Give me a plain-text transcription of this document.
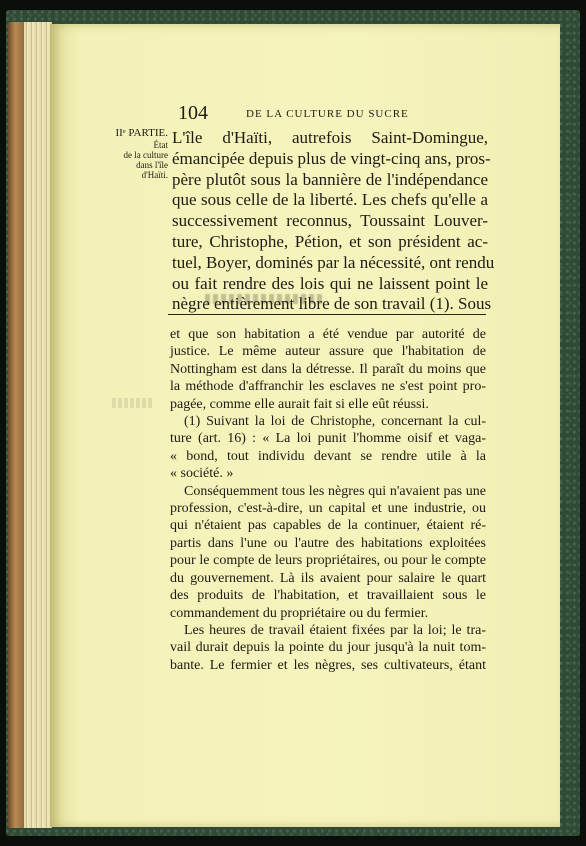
104	DE LA CULTURE DU SUCRE
IIᵉ PARTIE.
État
de la culture
dans l'île
d'Haïti.
L'île d'Haïti, autrefois Saint-Domingue,
émancipée depuis plus de vingt-cinq ans, pros-
père plutôt sous la bannière de l'indépendance
que sous celle de la liberté. Les chefs qu'elle a
successivement reconnus, Toussaint Louver-
ture, Christophe, Pétion, et son président ac-
tuel, Boyer, dominés par la nécessité, ont rendu
ou fait rendre des lois qui ne laissent point le
nègre entièrement libre de son travail (1). Sous
et que son habitation a été vendue par autorité de
justice. Le même auteur assure que l'habitation de
Nottingham est dans la détresse. Il paraît du moins que
la méthode d'affranchir les esclaves ne s'est point pro-
pagée, comme elle aurait fait si elle eût réussi.
(1) Suivant la loi de Christophe, concernant la cul-
ture (art. 16) : « La loi punit l'homme oisif et vaga-
« bond, tout individu devant se rendre utile à la
« société. »
Conséquemment tous les nègres qui n'avaient pas une
profession, c'est-à-dire, un capital et une industrie, ou
qui n'étaient pas capables de la continuer, étaient ré-
partis dans l'une ou l'autre des habitations exploitées
pour le compte de leurs propriétaires, ou pour le compte
du gouvernement. Là ils avaient pour salaire le quart
des produits de l'habitation, et travaillaient sous le
commandement du propriétaire ou du fermier.
Les heures de travail étaient fixées par la loi; le tra-
vail durait depuis la pointe du jour jusqu'à la nuit tom-
bante. Le fermier et les nègres, ses cultivateurs, étant
